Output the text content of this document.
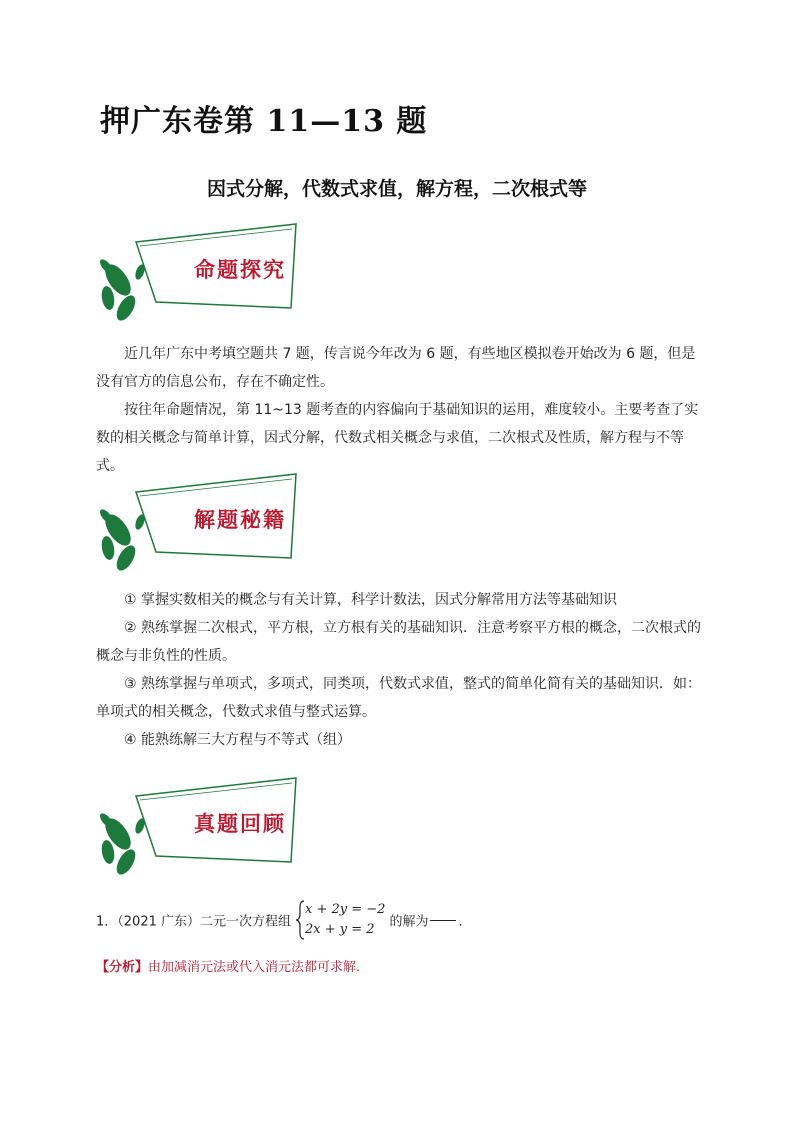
押广东卷第 11—13 题
因式分解，代数式求值，解方程，二次根式等
命题探究

近几年广东中考填空题共 7 题，传言说今年改为 6 题，有些地区模拟卷开始改为 6 题，但是没有官方的信息公布，存在不确定性。

按往年命题情况，第 11~13 题考查的内容偏向于基础知识的运用，难度较小。主要考查了实数的相关概念与简单计算，因式分解，代数式相关概念与求值，二次根式及性质，解方程与不等式。

解题秘籍

① 掌握实数相关的概念与有关计算，科学计数法，因式分解常用方法等基础知识

② 熟练掌握二次根式，平方根，立方根有关的基础知识．注意考察平方根的概念，二次根式的概念与非负性的性质。

③ 熟练掌握与单项式，多项式，同类项，代数式求值，整式的简单化简有关的基础知识．如：单项式的相关概念，代数式求值与整式运算。

④ 能熟练解三大方程与不等式（组）

真题回顾
1．（2021 广东）二元一次方程组
x + 2y = −2
2x + y = 2	的解为 ．
【分析】由加减消元法或代入消元法都可求解．
